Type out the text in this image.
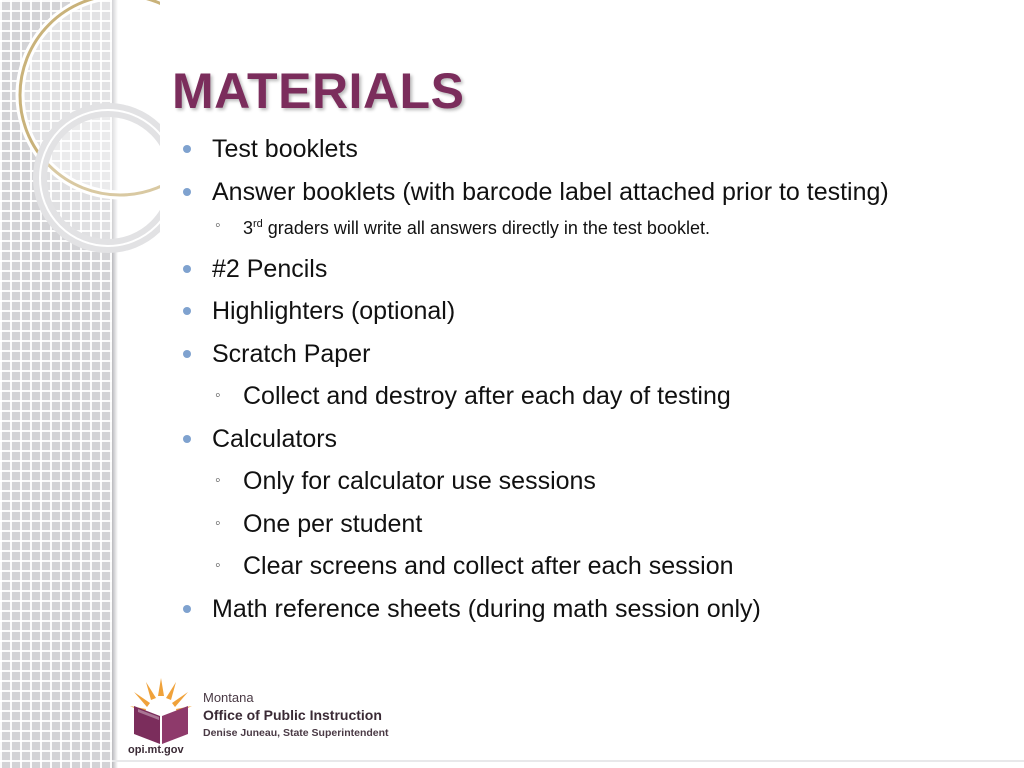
MATERIALS
Test booklets
Answer booklets (with barcode label attached prior to testing)
◦ 3rd graders will write all answers directly in the test booklet.
#2 Pencils
Highlighters (optional)
Scratch Paper
◦ Collect and destroy after each day of testing
Calculators
◦ Only for calculator use sessions
◦ One per student
◦ Clear screens and collect after each session
Math reference sheets (during math session only)
opi.mt.gov
Montana
Office of Public Instruction
Denise Juneau, State Superintendent
